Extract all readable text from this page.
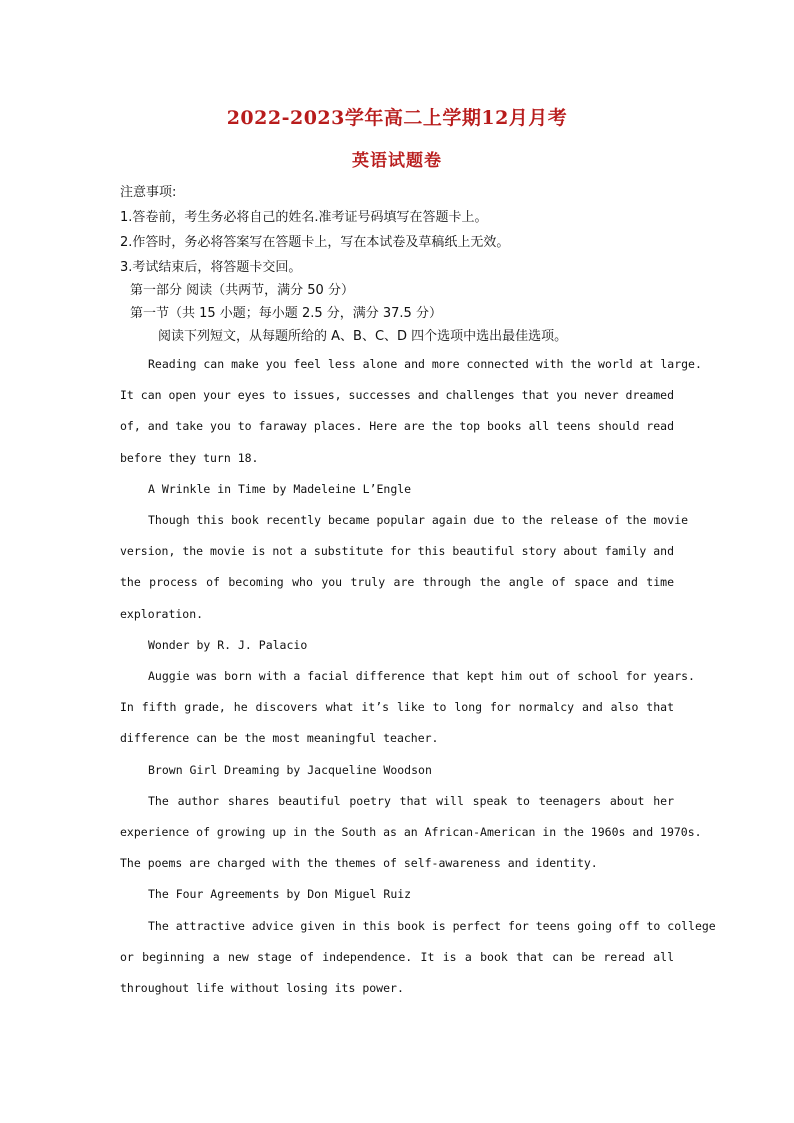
2022-2023学年高二上学期12月月考
英语试题卷
注意事项:
1.答卷前，考生务必将自己的姓名.准考证号码填写在答题卡上。
2.作答时，务必将答案写在答题卡上，写在本试卷及草稿纸上无效。
3.考试结束后，将答题卡交回。
第一部分 阅读（共两节，满分 50 分）
第一节（共 15 小题；每小题 2.5 分，满分 37.5 分）
阅读下列短文，从每题所给的 A、B、C、D 四个选项中选出最佳选项。
Reading can make you feel less alone and more connected with the world at large.
It can open your eyes to issues, successes and challenges that you never dreamed
of, and take you to faraway places. Here are the top books all teens should read
before they turn 18.
A Wrinkle in Time by Madeleine L’Engle
Though this book recently became popular again due to the release of the movie
version, the movie is not a substitute for this beautiful story about family and
the process of becoming who you truly are through the angle of space and time
exploration.
Wonder by R. J. Palacio
Auggie was born with a facial difference that kept him out of school for years.
In fifth grade, he discovers what it’s like to long for normalcy and also that
difference can be the most meaningful teacher.
Brown Girl Dreaming by Jacqueline Woodson
The author shares beautiful poetry that will speak to teenagers about her
experience of growing up in the South as an African-American in the 1960s and 1970s.
The poems are charged with the themes of self-awareness and identity.
The Four Agreements by Don Miguel Ruiz
The attractive advice given in this book is perfect for teens going off to college
or beginning a new stage of independence. It is a book that can be reread all
throughout life without losing its power.
